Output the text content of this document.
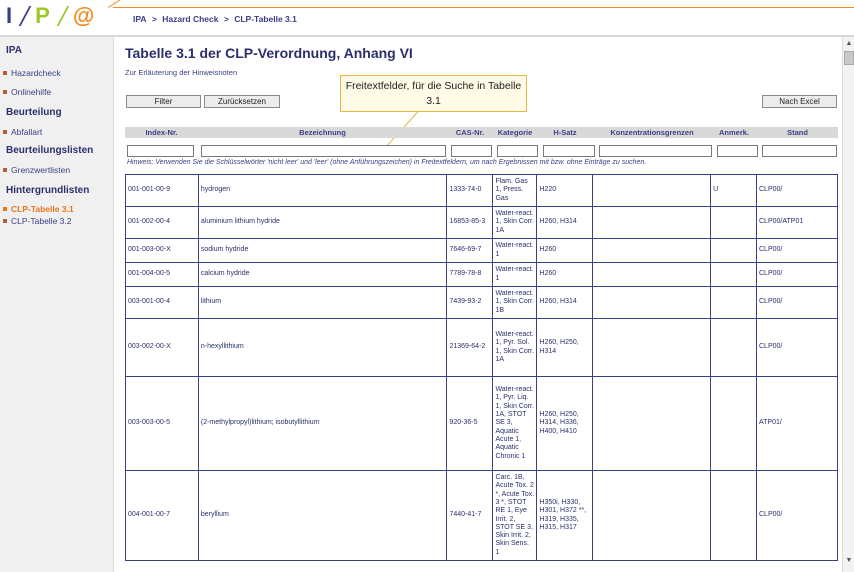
I P @	IPA > Hazard Check > CLP-Tabelle 3.1
IPA
Hazardcheck
Onlinehilfe
Beurteilung
Abfallart
Beurteilungslisten
Grenzwertlisten
Hintergrundlisten
CLP-Tabelle 3.1
CLP-Tabelle 3.2
Tabelle 3.1 der CLP-Verordnung, Anhang VI
Zur Erläuterung der Hinweisnoten
Freitextfelder, für die Suche in Tabelle 3.1
Filter	Zurücksetzen	Nach Excel
Index-Nr.	Bezeichnung	CAS-Nr.	Kategorie	H-Satz	Konzentrationsgrenzen	Anmerk.	Stand
Hinweis: Verwenden Sie die Schlüsselwörter 'nicht leer' und 'leer' (ohne Anführungszeichen) in Freitextfeldern, um nach Ergebnissen mit bzw. ohne Einträge zu suchen.
001-001-00-9	hydrogen	1333-74-0	Flam. Gas 1, Press. Gas	H220		U	CLP00/
001-002-00-4	aluminium lithium hydride	16853-85-3	Water-react. 1, Skin Corr. 1A	H260, H314			CLP00/ATP01
001-003-00-X	sodium hydride	7646-69-7	Water-react. 1	H260			CLP00/
001-004-00-5	calcium hydride	7789-78-8	Water-react. 1	H260			CLP00/
003-001-00-4	lithium	7439-93-2	Water-react. 1, Skin Corr. 1B	H260, H314			CLP00/
003-002-00-X	n-hexyllithium	21369-64-2	Water-react. 1, Pyr. Sol. 1, Skin Corr. 1A	H260, H250, H314			CLP00/
003-003-00-5	(2-methylpropyl)lithium; isobutyllithium	920-36-5	Water-react. 1, Pyr. Liq. 1, Skin Corr. 1A, STOT SE 3, Aquatic Acute 1, Aquatic Chronic 1	H260, H250, H314, H336, H400, H410			ATP01/
004-001-00-7	beryllium	7440-41-7	Carc. 1B, Acute Tox. 2 *, Acute Tox. 3 *, STOT RE 1, Eye Irrit. 2, STOT SE 3, Skin Irrit. 2, Skin Sens. 1	H350i, H330, H301, H372 **, H319, H335, H315, H317			CLP00/
▲
▼
